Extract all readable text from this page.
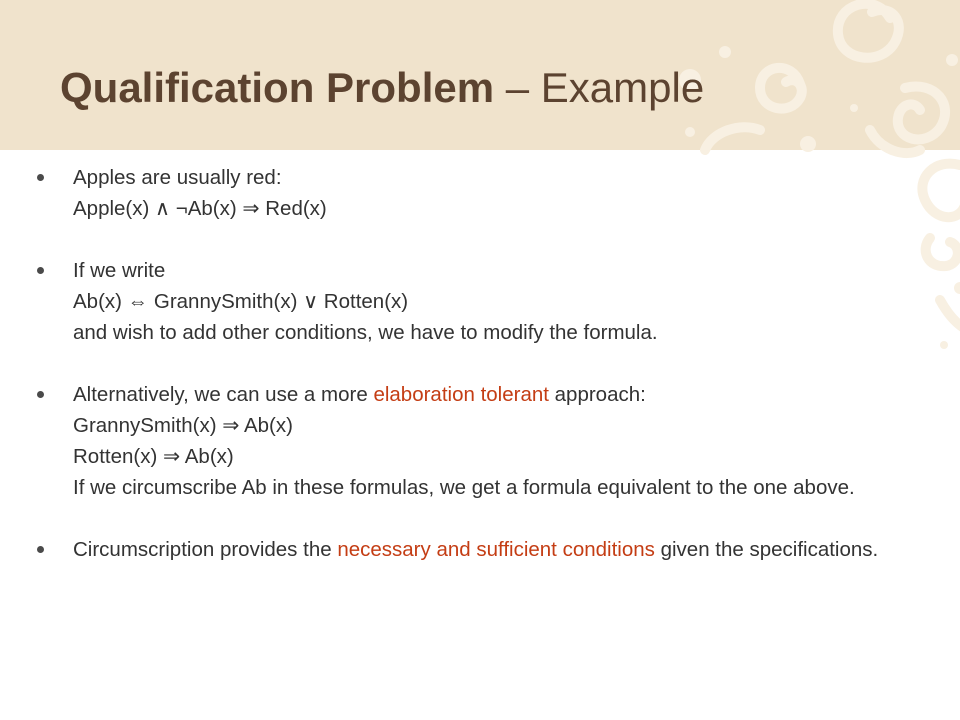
Qualification Problem – Example
Apples are usually red:
Apple(x) ∧ ¬Ab(x) ⇒ Red(x)
If we write
Ab(x) ⇔ GrannySmith(x) ∨ Rotten(x)
and wish to add other conditions, we have to modify the formula.
Alternatively, we can use a more elaboration tolerant approach:
GrannySmith(x) ⇒ Ab(x)
Rotten(x) ⇒ Ab(x)
If we circumscribe Ab in these formulas, we get a formula equivalent to the one above.
Circumscription provides the necessary and sufficient conditions given the specifications.
